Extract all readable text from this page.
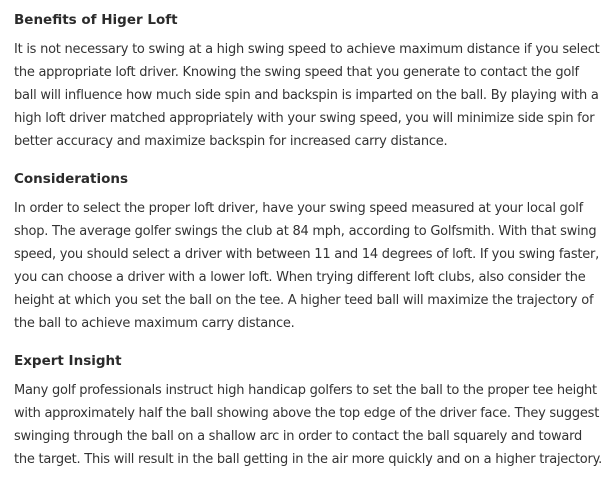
Benefits of Higer Loft

It is not necessary to swing at a high swing speed to achieve maximum distance if you select
the appropriate loft driver. Knowing the swing speed that you generate to contact the golf
ball will influence how much side spin and backspin is imparted on the ball. By playing with a
high loft driver matched appropriately with your swing speed, you will minimize side spin for
better accuracy and maximize backspin for increased carry distance.

Considerations

In order to select the proper loft driver, have your swing speed measured at your local golf
shop. The average golfer swings the club at 84 mph, according to Golfsmith. With that swing
speed, you should select a driver with between 11 and 14 degrees of loft. If you swing faster,
you can choose a driver with a lower loft. When trying different loft clubs, also consider the
height at which you set the ball on the tee. A higher teed ball will maximize the trajectory of
the ball to achieve maximum carry distance.

Expert Insight

Many golf professionals instruct high handicap golfers to set the ball to the proper tee height
with approximately half the ball showing above the top edge of the driver face. They suggest
swinging through the ball on a shallow arc in order to contact the ball squarely and toward
the target. This will result in the ball getting in the air more quickly and on a higher trajectory.
